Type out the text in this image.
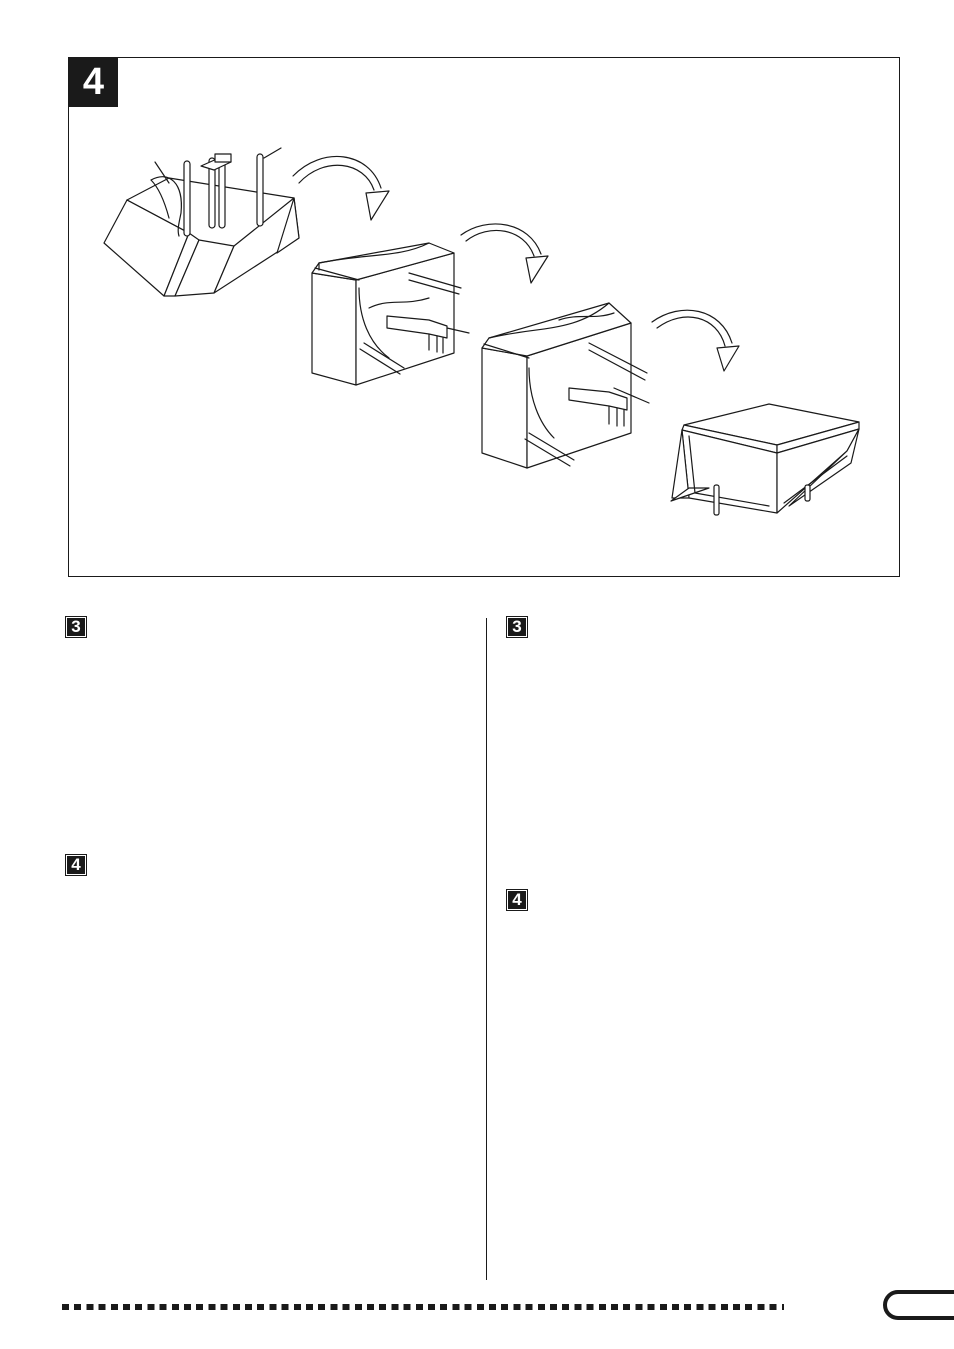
4
3
4
3
4
